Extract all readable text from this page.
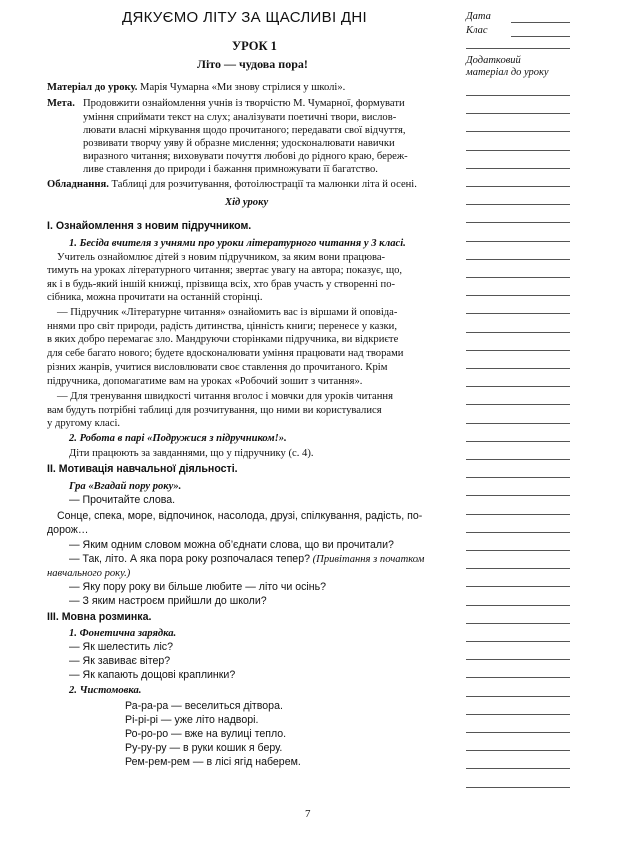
ДЯКУЄМО ЛІТУ ЗА ЩАСЛИВІ ДНІ
УРОК 1
Літо — чудова пора!
Матеріал до уроку. Марія Чумарна «Ми знову стрілися у школі».
Мета. Продовжити ознайомлення учнів із творчістю М. Чумарної, формувати
уміння сприймати текст на слух; аналізувати поетичні твори, вислов-
лювати власні міркування щодо прочитаного; передавати свої відчуття,
розвивати творчу уяву й образне мислення; удосконалювати навички
виразного читання; виховувати почуття любові до рідного краю, береж-
ливе ставлення до природи і бажання примножувати її багатство.
Обладнання. Таблиці для розчитування, фотоілюстрації та малюнки літа й осені.
Хід уроку
І. Ознайомлення з новим підручником.
1. Бесіда вчителя з учнями про уроки літературного читання у 3 класі.
Учитель ознайомлює дітей з новим підручником, за яким вони працюва-
тимуть на уроках літературного читання; звертає увагу на автора; показує, що,
як і в будь-який іншій книжці, прізвища всіх, хто брав участь у створенні по-
сібника, можна прочитати на останній сторінці.
— Підручник «Літературне читання» ознайомить вас із віршами й оповіда-
ннями про світ природи, радість дитинства, цінність книги; перенесе у казки,
в яких добро перемагає зло. Мандруючи сторінками підручника, ви відкриєте
для себе багато нового; будете вдосконалювати уміння працювати над творами
різних жанрів, учитися висловлювати своє ставлення до прочитаного. Крім
підручника, допомагатиме вам на уроках «Робочий зошит з читання».
— Для тренування швидкості читання вголос і мовчки для уроків читання
вам будуть потрібні таблиці для розчитування, що ними ви користувалися
у другому класі.
2. Робота в парі «Подружися з підручником!».
Діти працюють за завданнями, що у підручнику (с. 4).
ІІ. Мотивація навчальної діяльності.
Гра «Вгадай пору року».
— Прочитайте слова.
Сонце, спека, море, відпочинок, насолода, друзі, спілкування, радість, по-
дорож…
— Яким одним словом можна об’єднати слова, що ви прочитали?
— Так, літо. А яка пора року розпочалася тепер? (Привітання з початком
навчального року.)
— Яку пору року ви більше любите — літо чи осінь?
— З яким настроєм прийшли до школи?
ІІІ. Мовна розминка.
1. Фонетична зарядка.
— Як шелестить ліс?
— Як завиває вітер?
— Як капають дощові краплинки?
2. Чистомовка.
Ра-ра-ра — веселиться дітвора.
Рі-рі-рі — уже літо надворі.
Ро-ро-ро — вже на вулиці тепло.
Ру-ру-ру — в руки кошик я беру.
Рем-рем-рем — в лісі ягід наберем.
Дата
Клас
Додатковий
матеріал до уроку
7
